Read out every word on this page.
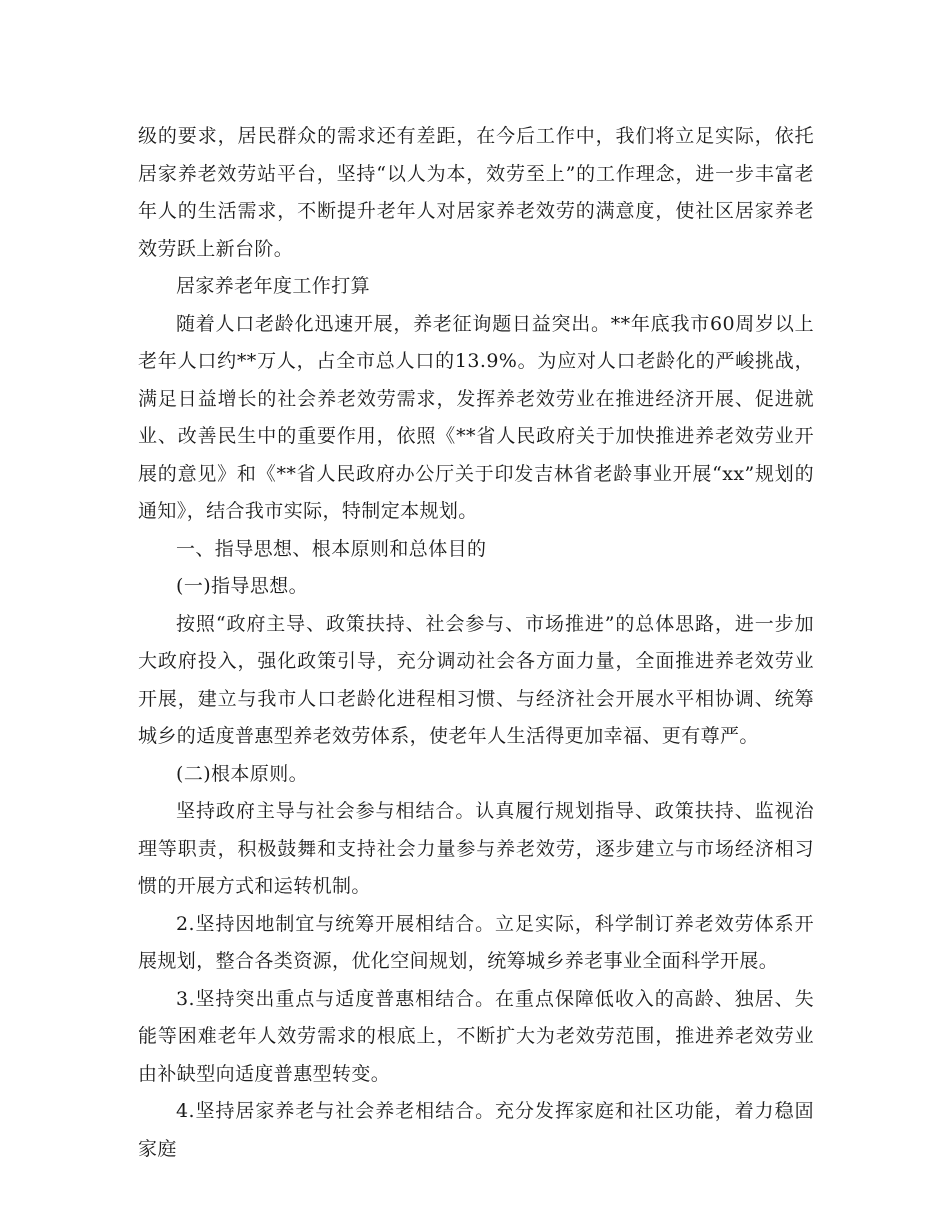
级的要求，居民群众的需求还有差距，在今后工作中，我们将立足实际，依托居家养老效劳站平台，坚持“以人为本，效劳至上”的工作理念，进一步丰富老年人的生活需求，不断提升老年人对居家养老效劳的满意度，使社区居家养老效劳跃上新台阶。

居家养老年度工作打算

随着人口老龄化迅速开展，养老征询题日益突出。**年底我市60周岁以上老年人口约**万人，占全市总人口的13.9%。为应对人口老龄化的严峻挑战，满足日益增长的社会养老效劳需求，发挥养老效劳业在推进经济开展、促进就业、改善民生中的重要作用，依照《**省人民政府关于加快推进养老效劳业开展的意见》和《**省人民政府办公厅关于印发吉林省老龄事业开展“xx”规划的通知》，结合我市实际，特制定本规划。

一、指导思想、根本原则和总体目的

(一)指导思想。

按照“政府主导、政策扶持、社会参与、市场推进”的总体思路，进一步加大政府投入，强化政策引导，充分调动社会各方面力量，全面推进养老效劳业开展，建立与我市人口老龄化进程相习惯、与经济社会开展水平相协调、统筹城乡的适度普惠型养老效劳体系，使老年人生活得更加幸福、更有尊严。

(二)根本原则。

坚持政府主导与社会参与相结合。认真履行规划指导、政策扶持、监视治理等职责，积极鼓舞和支持社会力量参与养老效劳，逐步建立与市场经济相习惯的开展方式和运转机制。

2.坚持因地制宜与统筹开展相结合。立足实际，科学制订养老效劳体系开展规划，整合各类资源，优化空间规划，统筹城乡养老事业全面科学开展。

3.坚持突出重点与适度普惠相结合。在重点保障低收入的高龄、独居、失能等困难老年人效劳需求的根底上，不断扩大为老效劳范围，推进养老效劳业由补缺型向适度普惠型转变。

4.坚持居家养老与社会养老相结合。充分发挥家庭和社区功能，着力稳固家庭
